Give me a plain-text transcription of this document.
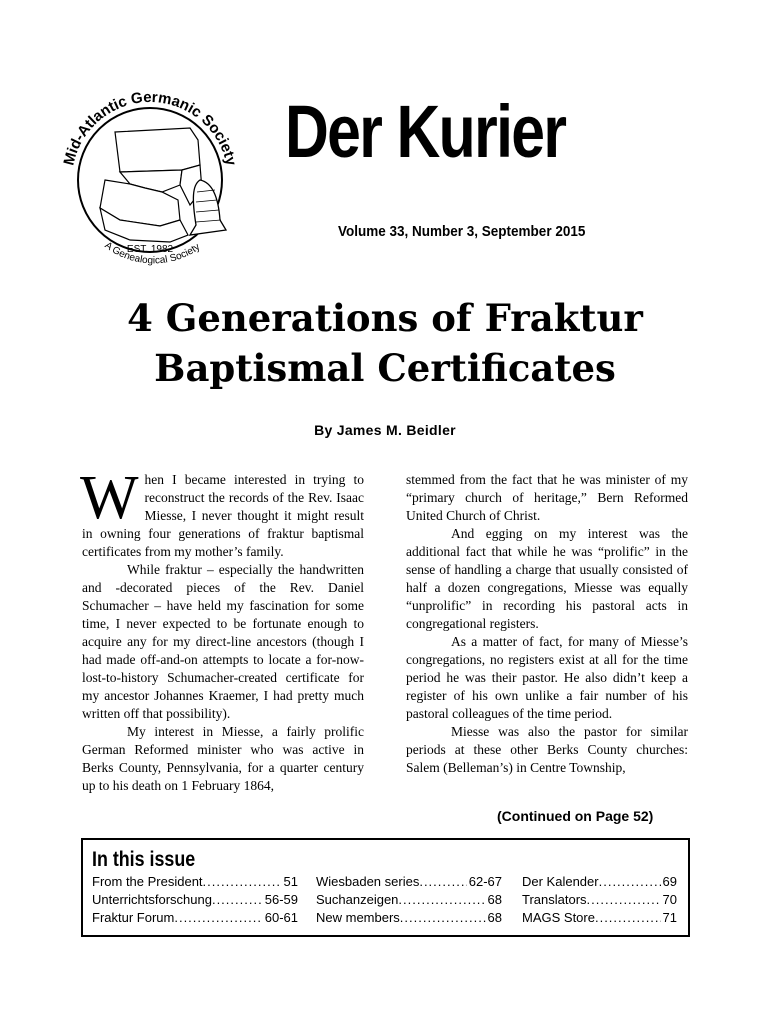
Mid-Atlantic Germanic Society
EST. 1982
A Genealogical Society
Der Kurier
Volume 33, Number 3, September 2015
4 Generations of Fraktur
Baptismal Certificates
By James M. Beidler

When I became interested in trying to reconstruct the records of the Rev. Isaac Miesse, I never thought it might result in owning four generations of fraktur baptismal certificates from my mother’s family.

While fraktur – especially the handwritten and -decorated pieces of the Rev. Daniel Schumacher – have held my fascination for some time, I never expected to be fortunate enough to acquire any for my direct-line ancestors (though I had made off-and-on attempts to locate a for-now-lost-to-history Schumacher-created certificate for my ancestor Johannes Kraemer, I had pretty much written off that possibility).

My interest in Miesse, a fairly prolific German Reformed minister who was active in Berks County, Pennsylvania, for a quarter century up to his death on 1 February 1864,

stemmed from the fact that he was minister of my “primary church of heritage,” Bern Reformed United Church of Christ.

And egging on my interest was the additional fact that while he was “prolific” in the sense of handling a charge that usually consisted of half a dozen congregations, Miesse was equally “unprolific” in recording his pastoral acts in congregational registers.

As a matter of fact, for many of Miesse’s congregations, no registers exist at all for the time period he was their pastor. He also didn’t keep a register of his own unlike a fair number of his pastoral colleagues of the time period.

Miesse was also the pastor for similar periods at these other Berks County churches: Salem (Belleman’s) in Centre Township,

(Continued on Page 52)
In this issue
From the President .....	51
Unterrichtsforschung .....	56-59
Fraktur Forum .....	60-61
Wiesbaden series .....	62-67
Suchanzeigen .....	68
New members .....	68
Der Kalender .....	69
Translators .....	70
MAGS Store .....	71
